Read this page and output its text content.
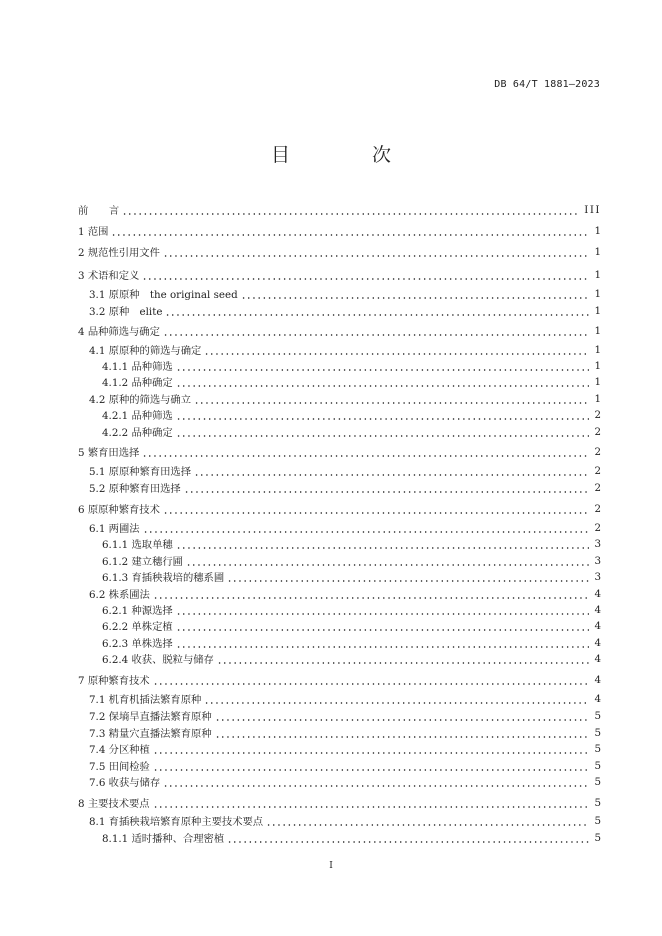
DB 64/T 1881—2023
目 次
前　　言	III
1 范围	1
2 规范性引用文件	1
3 术语和定义	1
3.1 原原种　the original seed	1
3.2 原种　elite	1
4 品种筛选与确定	1
4.1 原原种的筛选与确定	1
4.1.1 品种筛选	1
4.1.2 品种确定	1
4.2 原种的筛选与确立	1
4.2.1 品种筛选	2
4.2.2 品种确定	2
5 繁育田选择	2
5.1 原原种繁育田选择	2
5.2 原种繁育田选择	2
6 原原种繁育技术	2
6.1 两圃法	2
6.1.1 选取单穗	3
6.1.2 建立穗行圃	3
6.1.3 育插秧栽培的穗系圃	3
6.2 株系圃法	4
6.2.1 种源选择	4
6.2.2 单株定植	4
6.2.3 单株选择	4
6.2.4 收获、脱粒与储存	4
7 原种繁育技术	4
7.1 机育机插法繁育原种	4
7.2 保墒旱直播法繁育原种	5
7.3 精量穴直播法繁育原种	5
7.4 分区种植	5
7.5 田间检验	5
7.6 收获与储存	5
8 主要技术要点	5
8.1 育插秧栽培繁育原种主要技术要点	5
8.1.1 适时播种、合理密植	5
I
